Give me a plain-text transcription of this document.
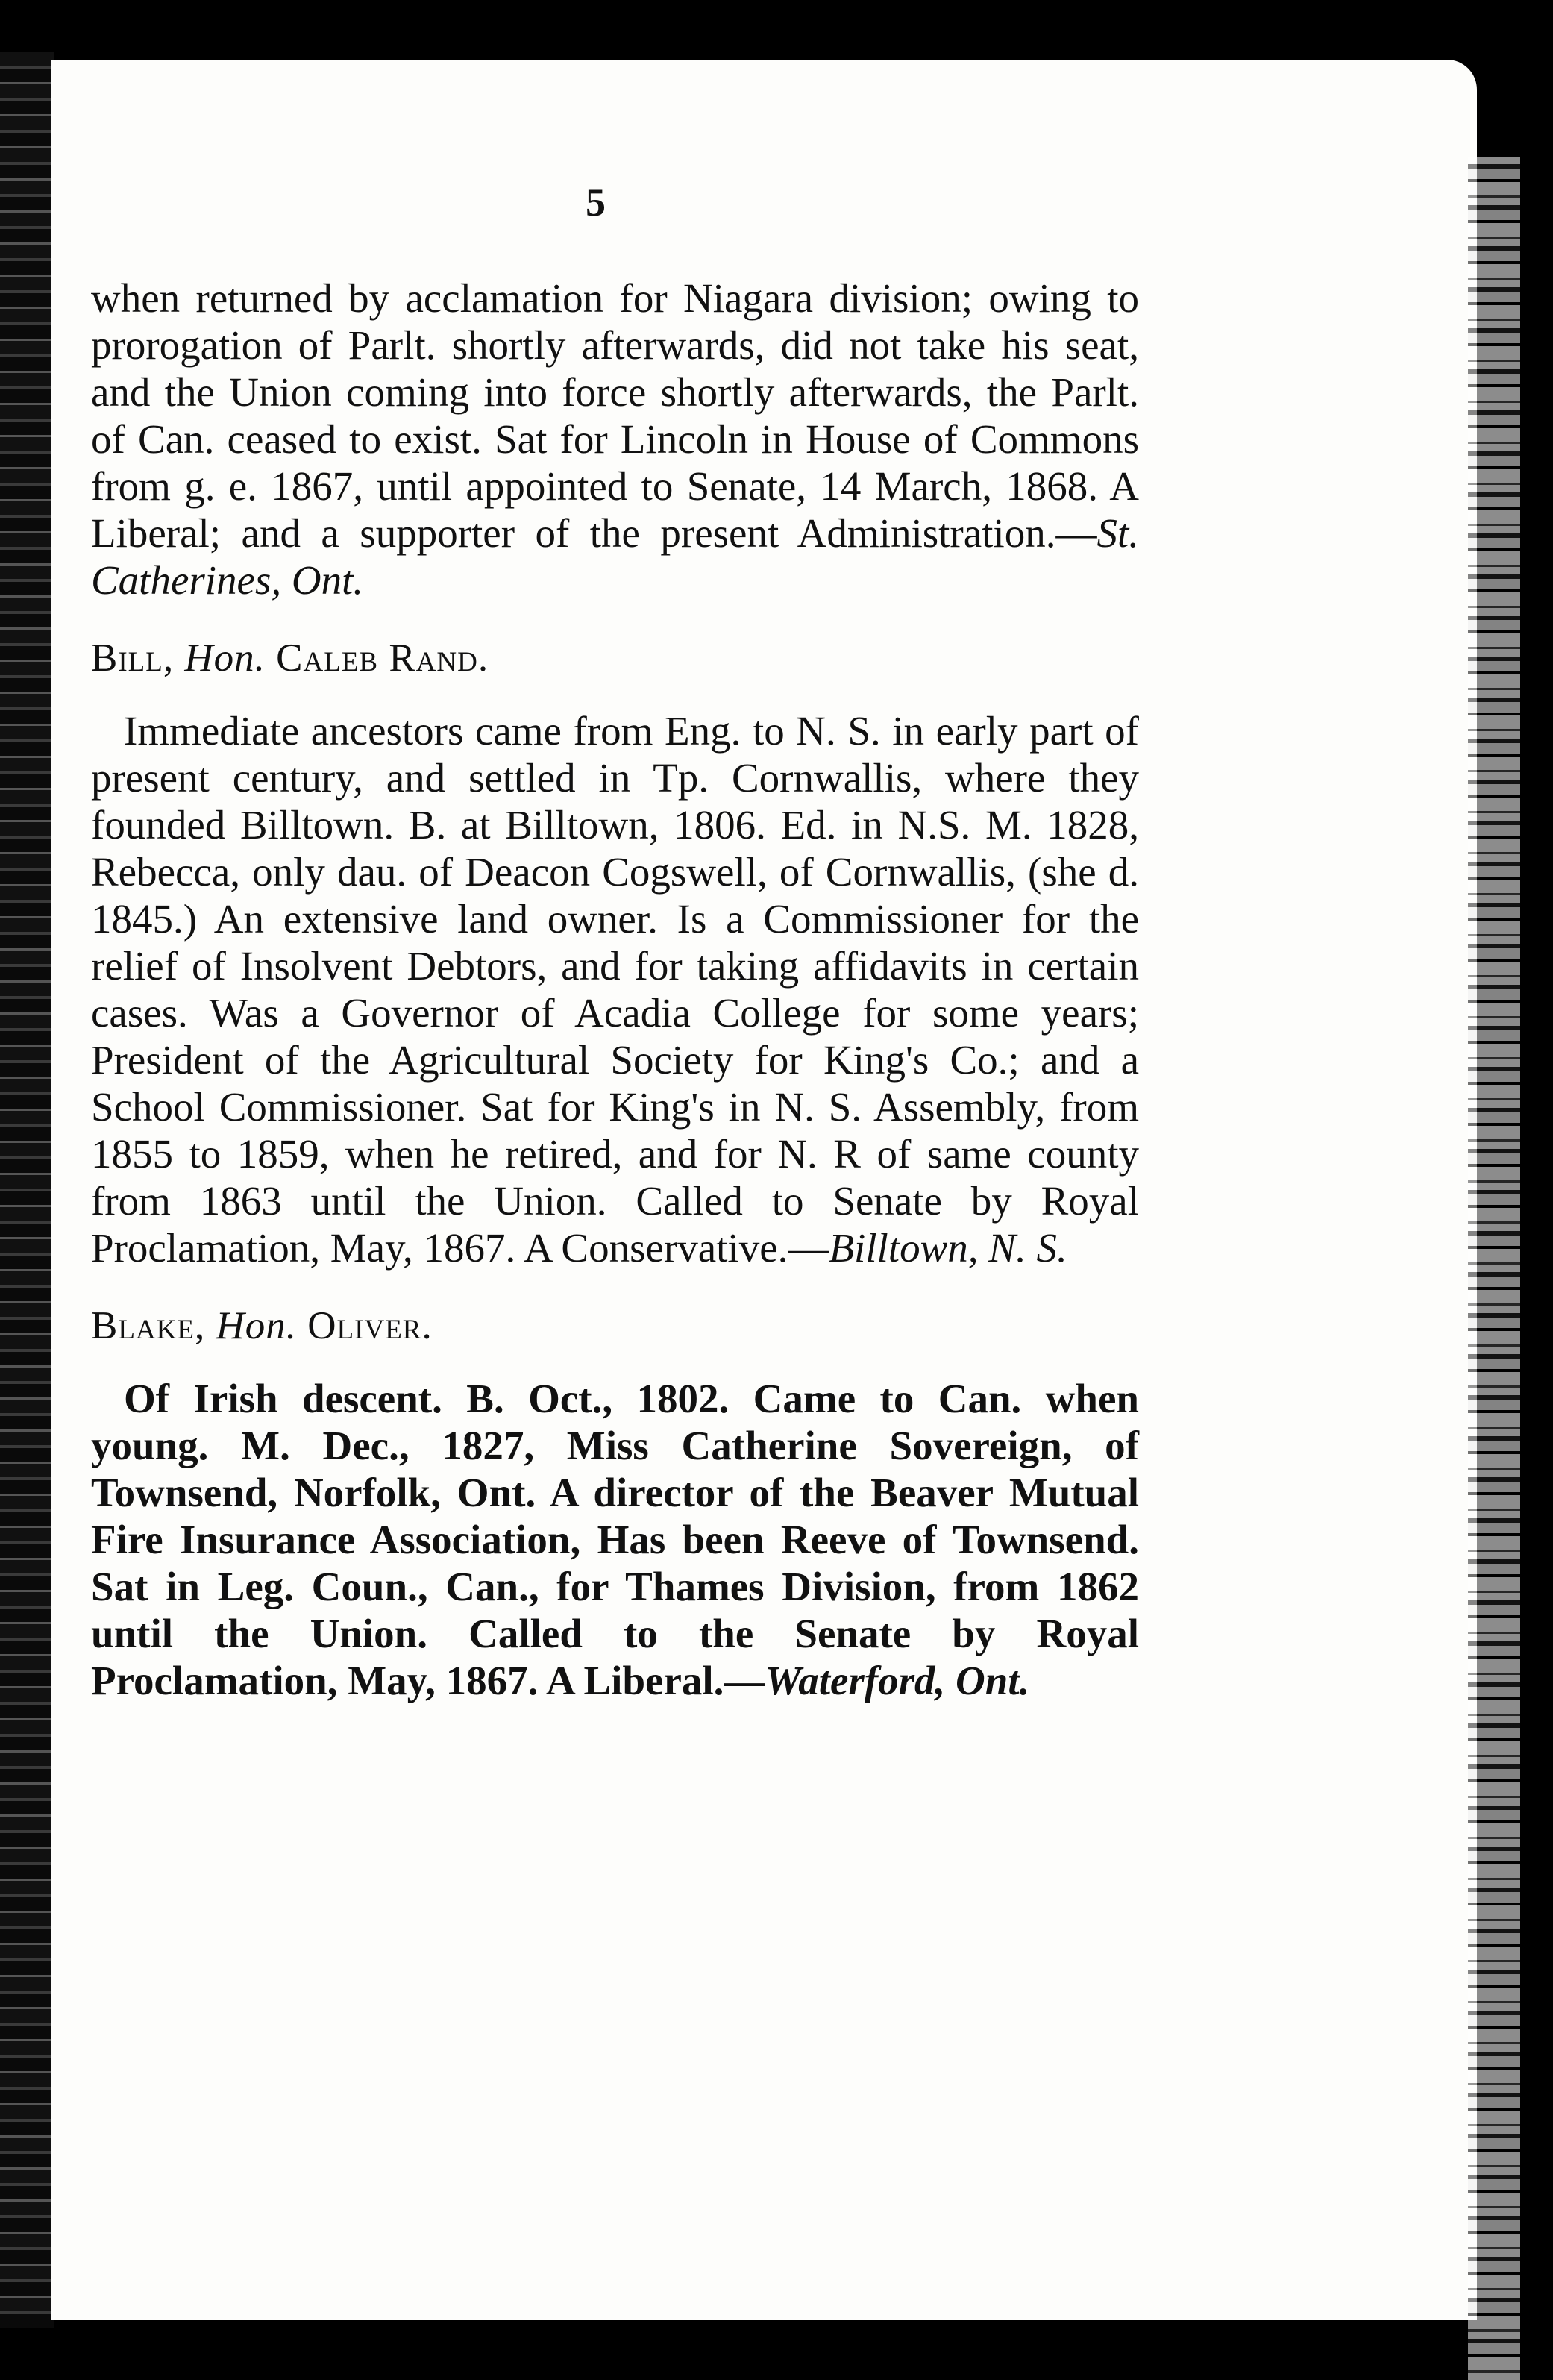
5

when returned by acclamation for Niagara division; owing to prorogation of Parlt. shortly afterwards, did not take his seat, and the Union coming into force shortly afterwards, the Parlt. of Can. ceased to exist. Sat for Lincoln in House of Commons from g. e. 1867, until appointed to Senate, 14 March, 1868. A Liberal; and a supporter of the present Administration.—St. Catherines, Ont.

Bill, Hon. Caleb Rand.

Immediate ancestors came from Eng. to N. S. in early part of present century, and settled in Tp. Cornwallis, where they founded Billtown. B. at Billtown, 1806. Ed. in N.S. M. 1828, Rebecca, only dau. of Deacon Cogswell, of Cornwallis, (she d. 1845.) An extensive land owner. Is a Commissioner for the relief of Insolvent Debtors, and for taking affidavits in certain cases. Was a Governor of Acadia College for some years; President of the Agricultural Society for King's Co.; and a School Commissioner. Sat for King's in N. S. Assembly, from 1855 to 1859, when he retired, and for N. R of same county from 1863 until the Union. Called to Senate by Royal Proclamation, May, 1867. A Conservative.—Billtown, N. S.

Blake, Hon. Oliver.

Of Irish descent. B. Oct., 1802. Came to Can. when young. M. Dec., 1827, Miss Catherine Sovereign, of Townsend, Norfolk, Ont. A director of the Beaver Mutual Fire Insurance Association, Has been Reeve of Townsend. Sat in Leg. Coun., Can., for Thames Division, from 1862 until the Union. Called to the Senate by Royal Proclamation, May, 1867. A Liberal.—Waterford, Ont.
